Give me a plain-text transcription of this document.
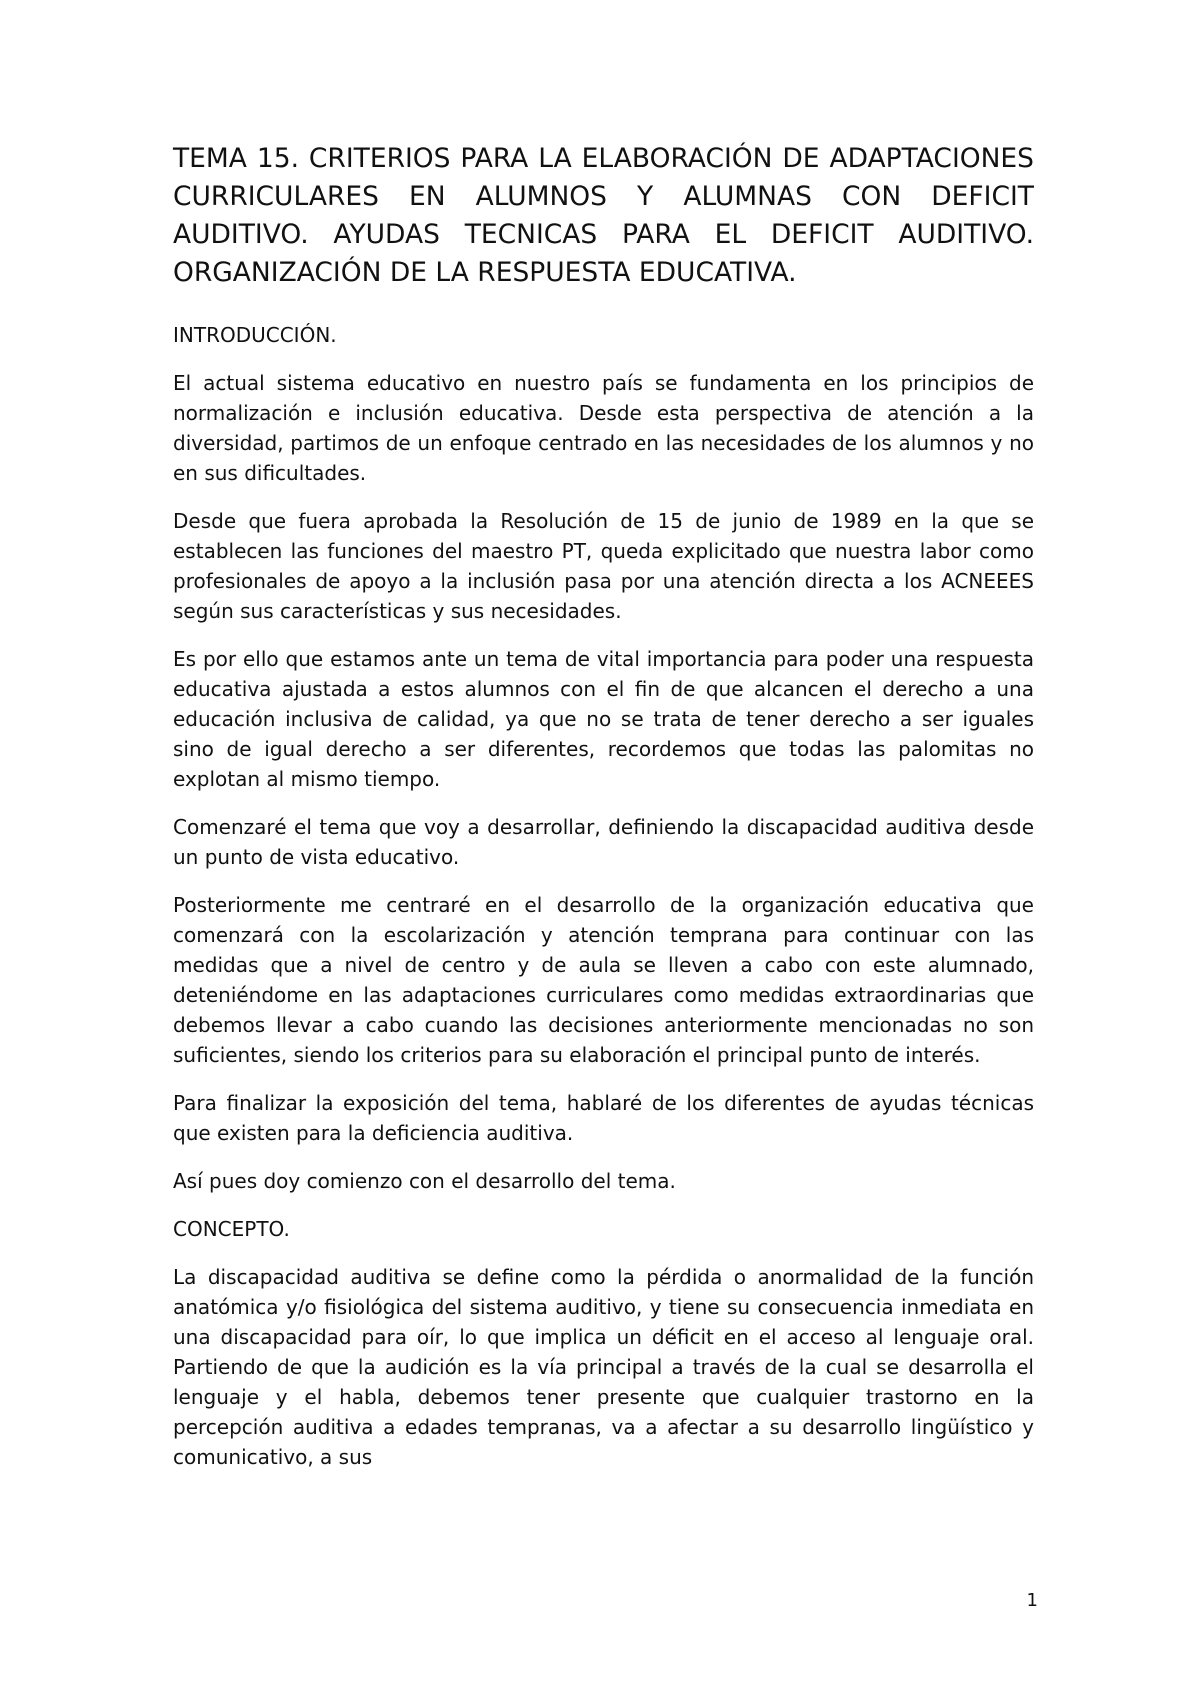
TEMA 15. CRITERIOS PARA LA ELABORACIÓN DE ADAPTACIONES CURRICULARES EN ALUMNOS Y ALUMNAS CON DEFICIT AUDITIVO. AYUDAS TECNICAS PARA EL DEFICIT AUDITIVO. ORGANIZACIÓN DE LA RESPUESTA EDUCATIVA.

INTRODUCCIÓN.

El actual sistema educativo en nuestro país se fundamenta en los principios de normalización e inclusión educativa. Desde esta perspectiva de atención a la diversidad, partimos de un enfoque centrado en las necesidades de los alumnos y no en sus dificultades.

Desde que fuera aprobada la Resolución de 15 de junio de 1989 en la que se establecen las funciones del maestro PT, queda explicitado que nuestra labor como profesionales de apoyo a la inclusión pasa por una atención directa a los ACNEEES según sus características y sus necesidades.

Es por ello que estamos ante un tema de vital importancia para poder una respuesta educativa ajustada a estos alumnos con el fin de que alcancen el derecho a una educación inclusiva de calidad, ya que no se trata de tener derecho a ser iguales sino de igual derecho a ser diferentes, recordemos que todas las palomitas no explotan al mismo tiempo.

Comenzaré el tema que voy a desarrollar, definiendo la discapacidad auditiva desde un punto de vista educativo.

Posteriormente me centraré en el desarrollo de la organización educativa que comenzará con la escolarización y atención temprana para continuar con las medidas que a nivel de centro y de aula se lleven a cabo con este alumnado, deteniéndome en las adaptaciones curriculares como medidas extraordinarias que debemos llevar a cabo cuando las decisiones anteriormente mencionadas no son suficientes, siendo los criterios para su elaboración el principal punto de interés.

Para finalizar la exposición del tema, hablaré de los diferentes de ayudas técnicas que existen para la deficiencia auditiva.

Así pues doy comienzo con el desarrollo del tema.

CONCEPTO.

La discapacidad auditiva se define como la pérdida o anormalidad de la función anatómica y/o fisiológica del sistema auditivo, y tiene su consecuencia inmediata en una discapacidad para oír, lo que implica un déficit en el acceso al lenguaje oral. Partiendo de que la audición es la vía principal a través de la cual se desarrolla el lenguaje y el habla, debemos tener presente que cualquier trastorno en la percepción auditiva a edades tempranas, va a afectar a su desarrollo lingüístico y comunicativo, a sus

1
